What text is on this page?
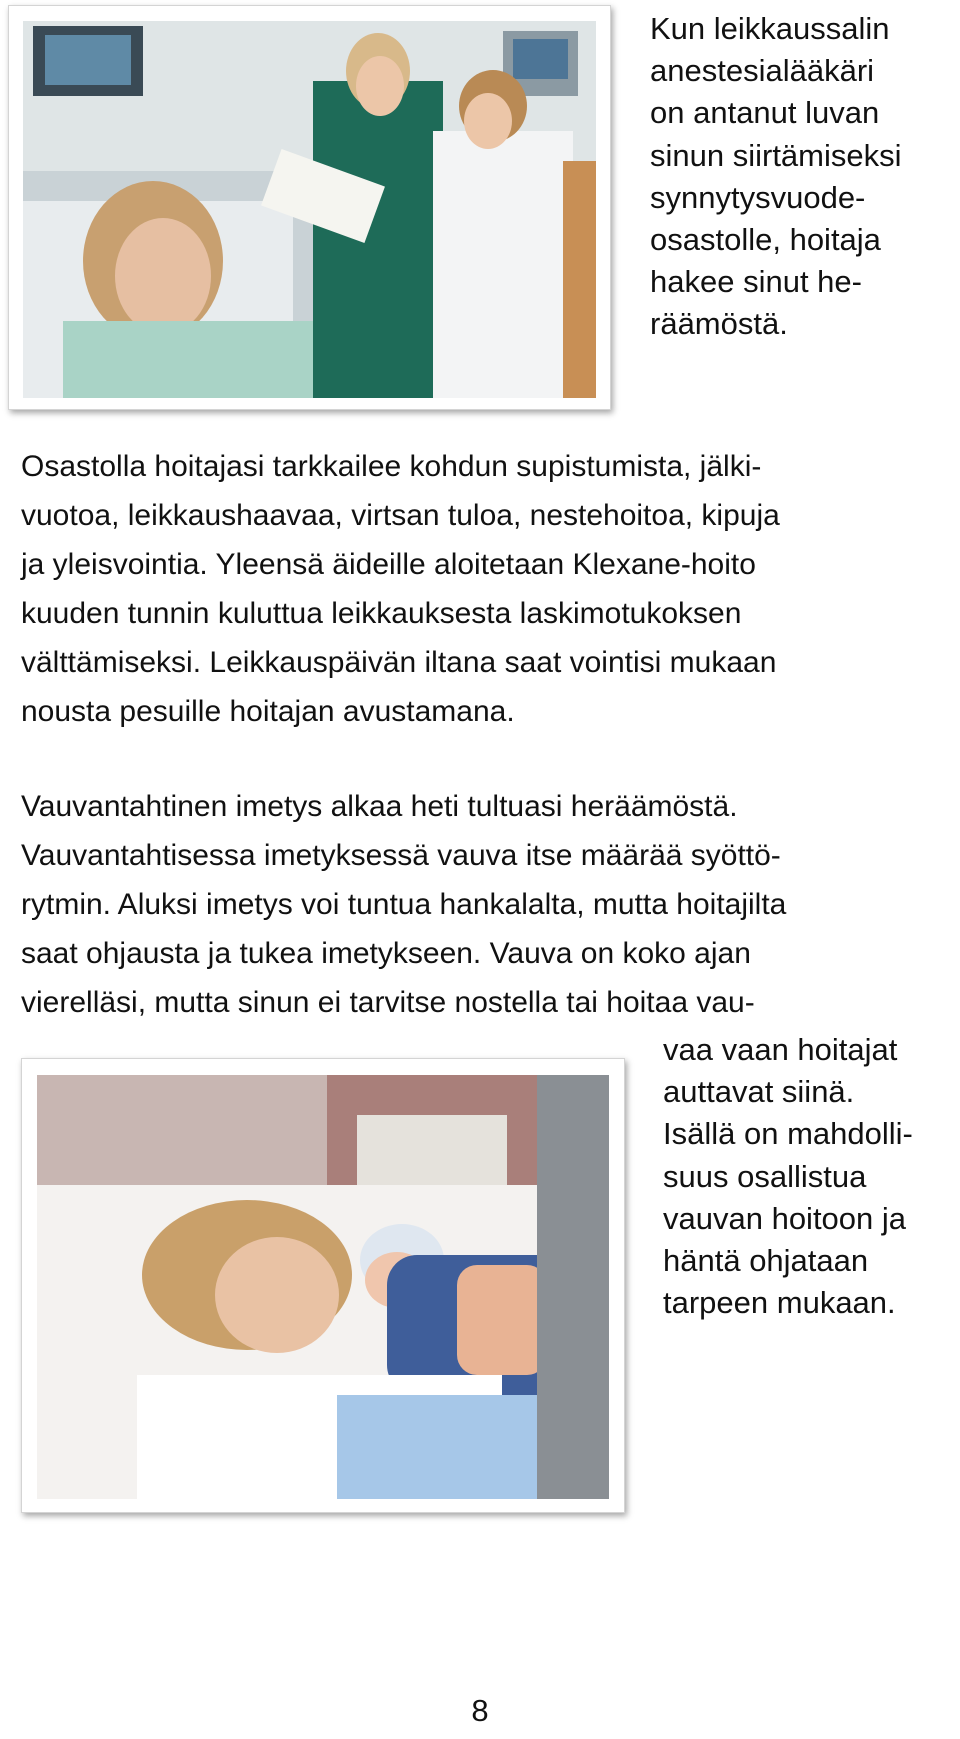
Kun leikkaussalin
anestesialääkäri
on antanut luvan
sinun siirtämiseksi
synnytysvuode-
osastolle, hoitaja
hakee sinut he-
räämöstä.
Osastolla hoitajasi tarkkailee kohdun supistumista, jälki-
vuotoa, leikkaushaavaa, virtsan tuloa, nestehoitoa, kipuja
ja yleisvointia. Yleensä äideille aloitetaan Klexane-hoito
kuuden tunnin kuluttua leikkauksesta laskimotukoksen
välttämiseksi. Leikkauspäivän iltana saat vointisi mukaan
nousta pesuille hoitajan avustamana.
Vauvantahtinen imetys alkaa heti tultuasi heräämöstä.
Vauvantahtisessa imetyksessä vauva itse määrää syöttö-
rytmin. Aluksi imetys voi tuntua hankalalta, mutta hoitajilta
saat ohjausta ja tukea imetykseen. Vauva on koko ajan
vierelläsi, mutta sinun ei tarvitse nostella tai hoitaa vau-
vaa vaan hoitajat
auttavat siinä.
Isällä on mahdolli-
suus osallistua
vauvan hoitoon ja
häntä ohjataan
tarpeen mukaan.
8
